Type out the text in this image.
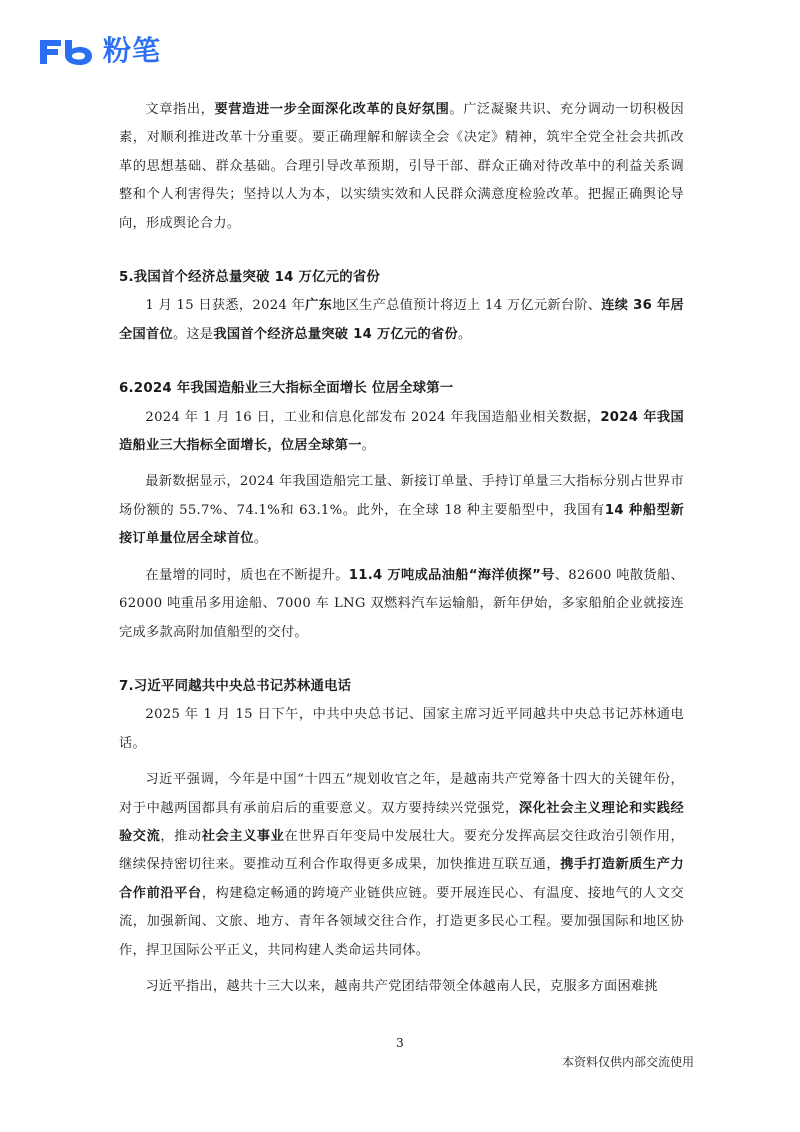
粉笔

文章指出，要营造进一步全面深化改革的良好氛围。广泛凝聚共识、充分调动一切积极因素，对顺利推进改革十分重要。要正确理解和解读全会《决定》精神，筑牢全党全社会共抓改革的思想基础、群众基础。合理引导改革预期，引导干部、群众正确对待改革中的利益关系调整和个人利害得失；坚持以人为本，以实绩实效和人民群众满意度检验改革。把握正确舆论导向，形成舆论合力。

5.我国首个经济总量突破 14 万亿元的省份

1 月 15 日获悉，2024 年广东地区生产总值预计将迈上 14 万亿元新台阶、连续 36 年居全国首位。这是我国首个经济总量突破 14 万亿元的省份。

6.2024 年我国造船业三大指标全面增长 位居全球第一

2024 年 1 月 16 日，工业和信息化部发布 2024 年我国造船业相关数据，2024 年我国造船业三大指标全面增长，位居全球第一。

最新数据显示，2024 年我国造船完工量、新接订单量、手持订单量三大指标分别占世界市场份额的 55.7%、74.1%和 63.1%。此外，在全球 18 种主要船型中，我国有14 种船型新接订单量位居全球首位。

在量增的同时，质也在不断提升。11.4 万吨成品油船“海洋侦探”号、82600 吨散货船、62000 吨重吊多用途船、7000 车 LNG 双燃料汽车运输船，新年伊始，多家船舶企业就接连完成多款高附加值船型的交付。

7.习近平同越共中央总书记苏林通电话

2025 年 1 月 15 日下午，中共中央总书记、国家主席习近平同越共中央总书记苏林通电话。

习近平强调，今年是中国“十四五”规划收官之年，是越南共产党筹备十四大的关键年份，对于中越两国都具有承前启后的重要意义。双方要持续兴党强党，深化社会主义理论和实践经验交流，推动社会主义事业在世界百年变局中发展壮大。要充分发挥高层交往政治引领作用，继续保持密切往来。要推动互利合作取得更多成果，加快推进互联互通，携手打造新质生产力合作前沿平台，构建稳定畅通的跨境产业链供应链。要开展连民心、有温度、接地气的人文交流，加强新闻、文旅、地方、青年各领域交往合作，打造更多民心工程。要加强国际和地区协作，捍卫国际公平正义，共同构建人类命运共同体。

习近平指出，越共十三大以来，越南共产党团结带领全体越南人民，克服多方面困难挑

3
本资料仅供内部交流使用
